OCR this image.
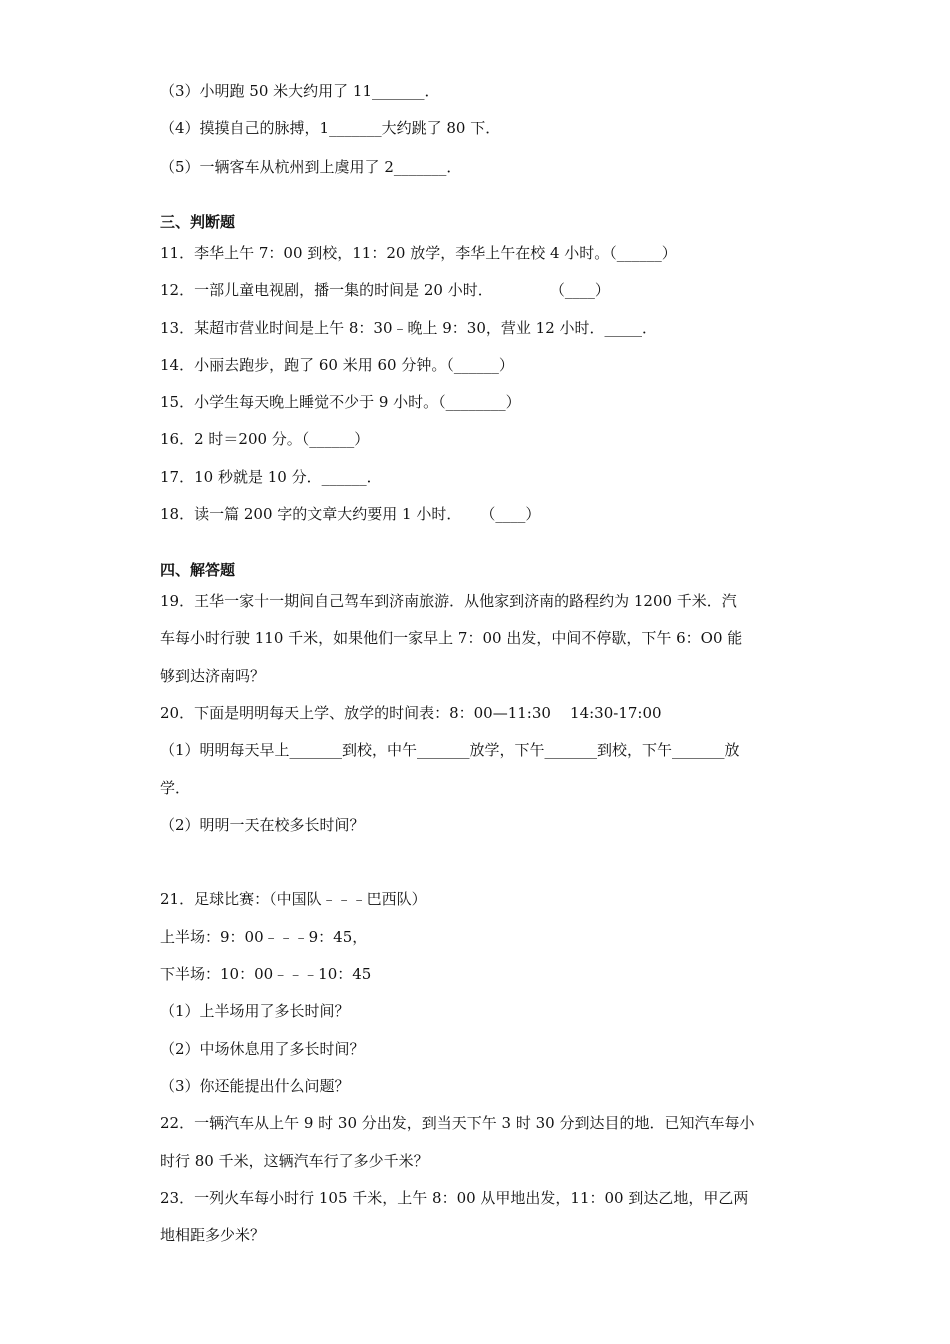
（3）小明跑 50 米大约用了 11_______．
（4）摸摸自己的脉搏，1_______大约跳了 80 下．
（5）一辆客车从杭州到上虞用了 2_______．
三、判断题
11．李华上午 7：00 到校，11：20 放学，李华上午在校 4 小时。（______）
12．一部儿童电视剧，播一集的时间是 20 小时．            （____）
13．某超市营业时间是上午 8：30﹣晚上 9：30，营业 12 小时．_____．
14．小丽去跑步，跑了 60 米用 60 分钟。（______）
15．小学生每天晚上睡觉不少于 9 小时。（________）
16．2 时＝200 分。（______）
17．10 秒就是 10 分．______．
18．读一篇 200 字的文章大约要用 1 小时．    （____）
四、解答题
19．王华一家十一期间自己驾车到济南旅游．从他家到济南的路程约为 1200 千米．汽
车每小时行驶 110 千米，如果他们一家早上 7：00 出发，中间不停歇，下午 6：O0 能
够到达济南吗？
20．下面是明明每天上学、放学的时间表：8：00—11:30    14:30-17:00
（1）明明每天早上_______到校，中午_______放学，下午_______到校，下午_______放
学．
（2）明明一天在校多长时间？
21．足球比赛：（中国队﹣﹣﹣巴西队）
上半场：9：00﹣﹣﹣9：45，
下半场：10：00﹣﹣﹣10：45
（1）上半场用了多长时间？
（2）中场休息用了多长时间？
（3）你还能提出什么问题？
22．一辆汽车从上午 9 时 30 分出发，到当天下午 3 时 30 分到达目的地．已知汽车每小
时行 80 千米，这辆汽车行了多少千米？
23．一列火车每小时行 105 千米，上午 8：00 从甲地出发，11：00 到达乙地，甲乙两
地相距多少米？
